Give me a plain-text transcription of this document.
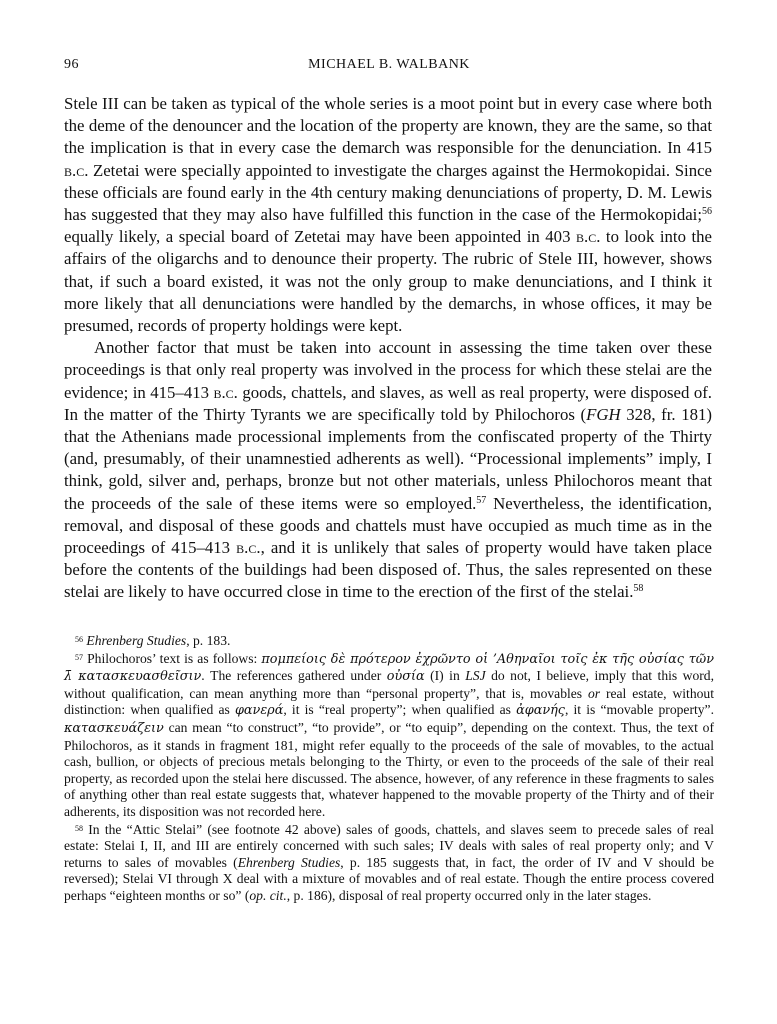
96	MICHAEL B. WALBANK

Stele III can be taken as typical of the whole series is a moot point but in every case where both the deme of the denouncer and the location of the property are known, they are the same, so that the implication is that in every case the demarch was responsible for the denunciation. In 415 b.c. Zetetai were specially appointed to investigate the charges against the Hermokopidai. Since these officials are found early in the 4th century making denunciations of property, D. M. Lewis has suggested that they may also have fulfilled this function in the case of the Hermokopidai;$^{56}$ equally likely, a special board of Zetetai may have been appointed in 403 b.c. to look into the affairs of the oligarchs and to denounce their property. The rubric of Stele III, however, shows that, if such a board existed, it was not the only group to make denunciations, and I think it more likely that all denunciations were handled by the demarchs, in whose offices, it may be presumed, records of property holdings were kept.

Another factor that must be taken into account in assessing the time taken over these proceedings is that only real property was involved in the process for which these stelai are the evidence; in 415–413 b.c. goods, chattels, and slaves, as well as real property, were disposed of. In the matter of the Thirty Tyrants we are specifically told by Philochoros (FGH 328, fr. 181) that the Athenians made processional implements from the confiscated property of the Thirty (and, presumably, of their unamnestied adherents as well). “Processional implements” imply, I think, gold, silver and, perhaps, bronze but not other materials, unless Philochoros meant that the proceeds of the sale of these items were so employed.$^{57}$ Nevertheless, the identification, removal, and disposal of these goods and chattels must have occupied as much time as in the proceedings of 415–413 b.c., and it is unlikely that sales of property would have taken place before the contents of the buildings had been disposed of. Thus, the sales represented on these stelai are likely to have occurred close in time to the erection of the first of the stelai.$^{58}$

$^{56}$ Ehrenberg Studies, p. 183.

$^{57}$ Philochoros’ text is as follows: πομπείοις δὲ πρότερον ἐχρῶντο οἱ ’Αθηναῖοι τοῖς ἐκ τῆς οὐσίας τῶν λ̄ κατασκευασθεῖσιν. The references gathered under οὐσία (I) in LSJ do not, I believe, imply that this word, without qualification, can mean anything more than “personal property”, that is, movables or real estate, without distinction: when qualified as φανερά, it is “real property”; when qualified as ἀφανής, it is “movable property”. κατασκευάζειν can mean “to construct”, “to provide”, or “to equip”, depending on the context. Thus, the text of Philochoros, as it stands in fragment 181, might refer equally to the proceeds of the sale of movables, to the actual cash, bullion, or objects of precious metals belonging to the Thirty, or even to the proceeds of the sale of their real property, as recorded upon the stelai here discussed. The absence, however, of any reference in these fragments to sales of anything other than real estate suggests that, whatever happened to the movable property of the Thirty and of their adherents, its disposition was not recorded here.

$^{58}$ In the “Attic Stelai” (see footnote 42 above) sales of goods, chattels, and slaves seem to precede sales of real estate: Stelai I, II, and III are entirely concerned with such sales; IV deals with sales of real property only; and V returns to sales of movables (Ehrenberg Studies, p. 185 suggests that, in fact, the order of IV and V should be reversed); Stelai VI through X deal with a mixture of movables and of real estate. Though the entire process covered perhaps “eighteen months or so” (op. cit., p. 186), disposal of real property occurred only in the later stages.
